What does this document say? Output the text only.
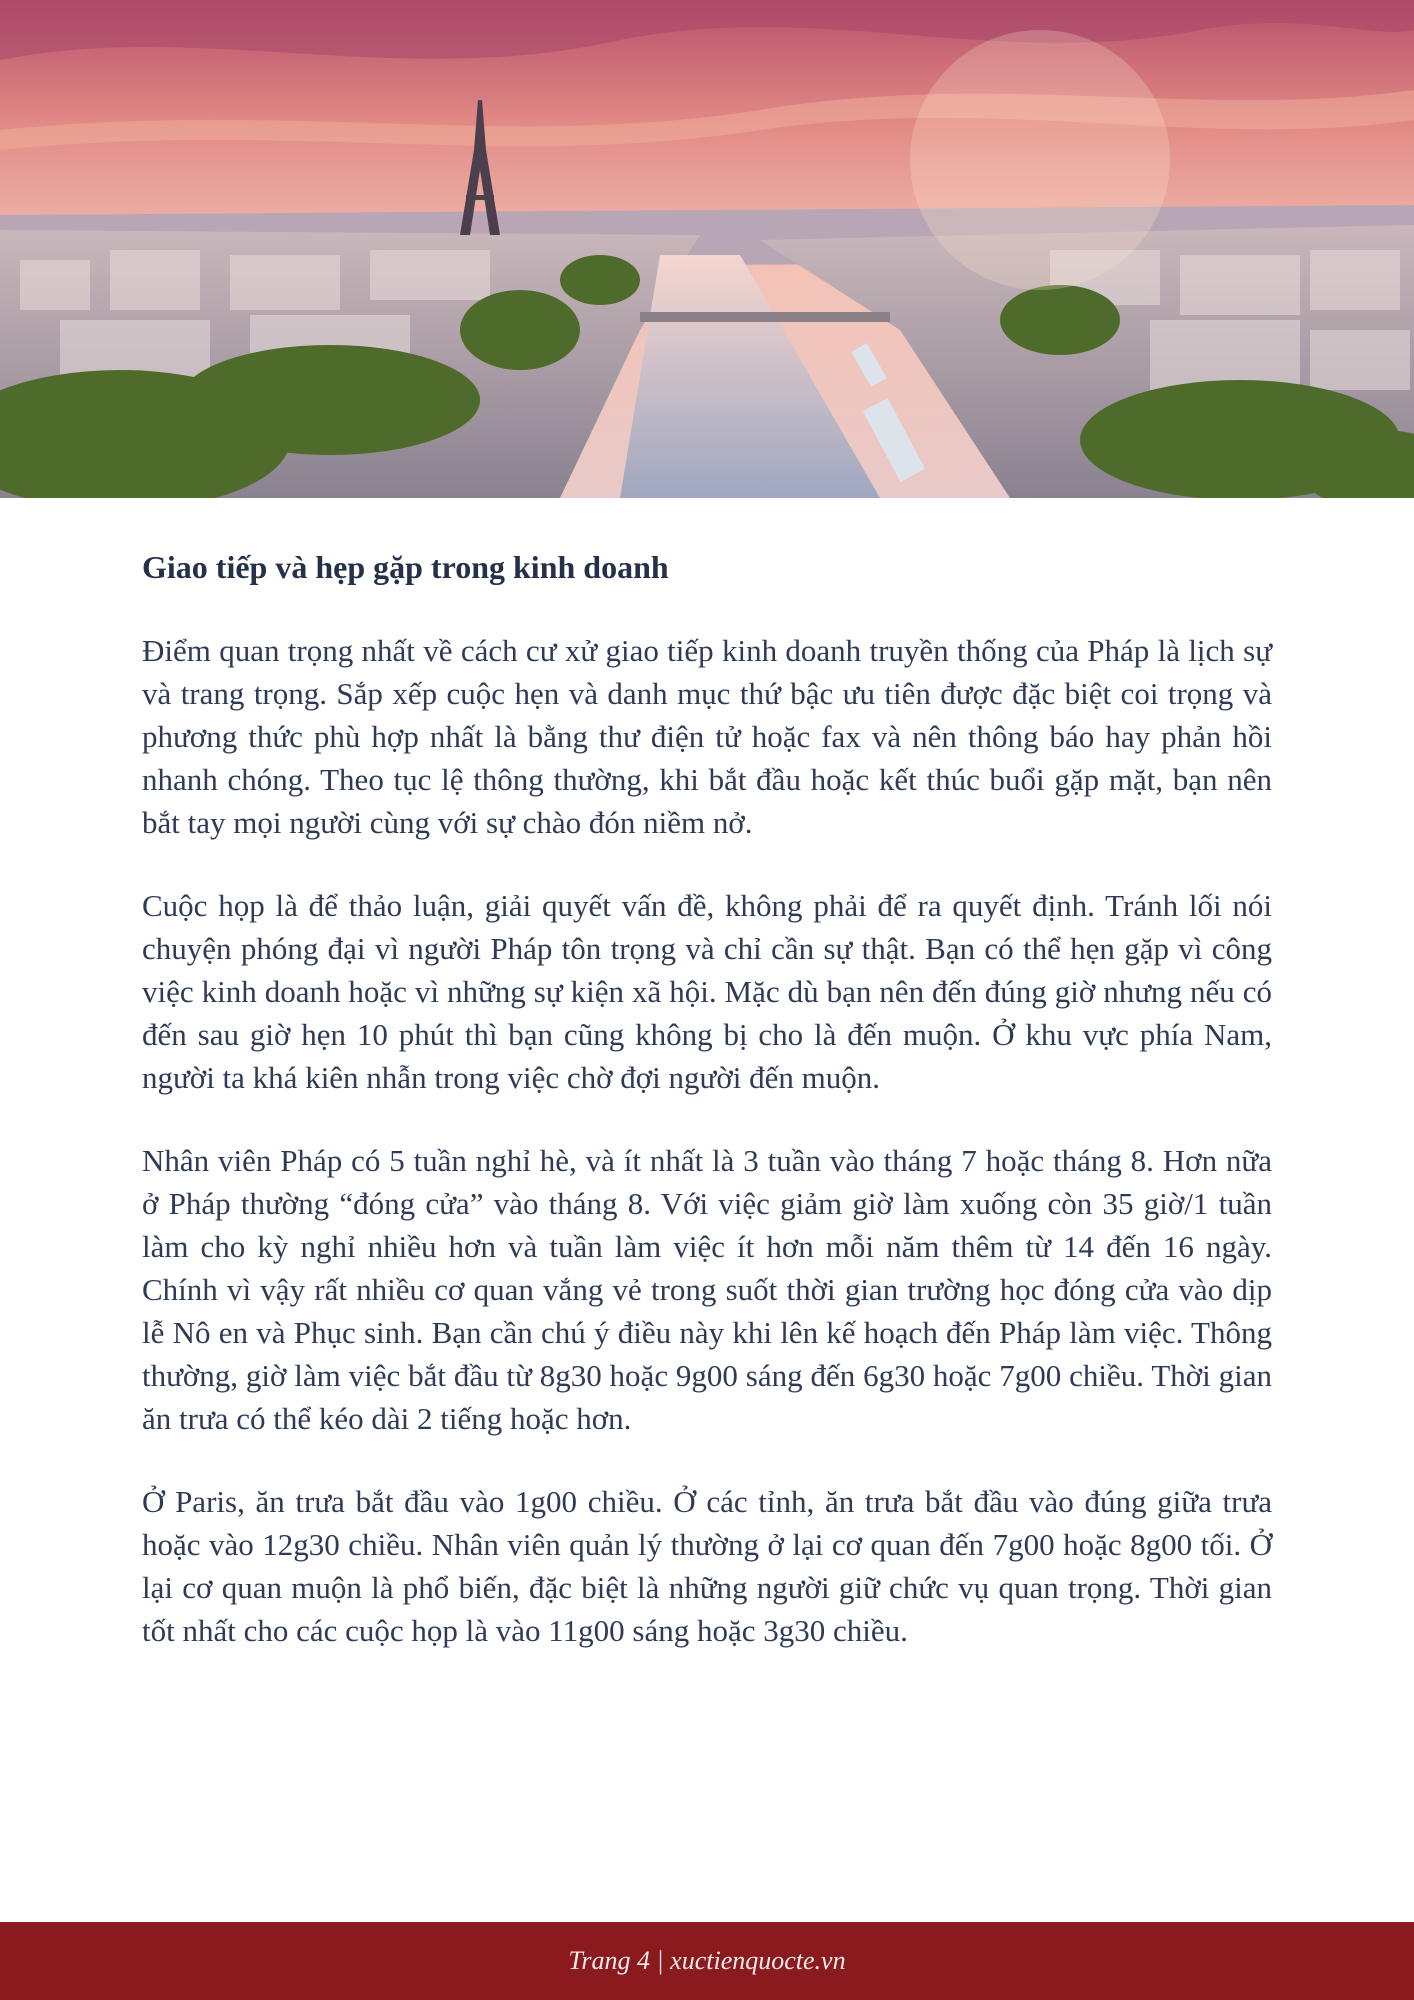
Giao tiếp và hẹp gặp trong kinh doanh

Điểm quan trọng nhất về cách cư xử giao tiếp kinh doanh truyền thống của Pháp là lịch sự và trang trọng. Sắp xếp cuộc hẹn và danh mục thứ bậc ưu tiên được đặc biệt coi trọng và phương thức phù hợp nhất là bằng thư điện tử hoặc fax và nên thông báo hay phản hồi nhanh chóng. Theo tục lệ thông thường, khi bắt đầu hoặc kết thúc buổi gặp mặt, bạn nên bắt tay mọi người cùng với sự chào đón niềm nở.

Cuộc họp là để thảo luận, giải quyết vấn đề, không phải để ra quyết định. Tránh lối nói chuyện phóng đại vì người Pháp tôn trọng và chỉ cần sự thật. Bạn có thể hẹn gặp vì công việc kinh doanh hoặc vì những sự kiện xã hội. Mặc dù bạn nên đến đúng giờ nhưng nếu có đến sau giờ hẹn 10 phút thì bạn cũng không bị cho là đến muộn. Ở khu vực phía Nam, người ta khá kiên nhẫn trong việc chờ đợi người đến muộn.

Nhân viên Pháp có 5 tuần nghỉ hè, và ít nhất là 3 tuần vào tháng 7 hoặc tháng 8. Hơn nữa ở Pháp thường “đóng cửa” vào tháng 8. Với việc giảm giờ làm xuống còn 35 giờ/1 tuần làm cho kỳ nghỉ nhiều hơn và tuần làm việc ít hơn mỗi năm thêm từ 14 đến 16 ngày. Chính vì vậy rất nhiều cơ quan vắng vẻ trong suốt thời gian trường học đóng cửa vào dịp lễ Nô en và Phục sinh. Bạn cần chú ý điều này khi lên kế hoạch đến Pháp làm việc. Thông thường, giờ làm việc bắt đầu từ 8g30 hoặc 9g00 sáng đến 6g30 hoặc 7g00 chiều. Thời gian ăn trưa có thể kéo dài 2 tiếng hoặc hơn.

Ở Paris, ăn trưa bắt đầu vào 1g00 chiều. Ở các tỉnh, ăn trưa bắt đầu vào đúng giữa trưa hoặc vào 12g30 chiều. Nhân viên quản lý thường ở lại cơ quan đến 7g00 hoặc 8g00 tối. Ở lại cơ quan muộn là phổ biến, đặc biệt là những người giữ chức vụ quan trọng. Thời gian tốt nhất cho các cuộc họp là vào 11g00 sáng hoặc 3g30 chiều.

Trang 4 | xuctienquocte.vn
